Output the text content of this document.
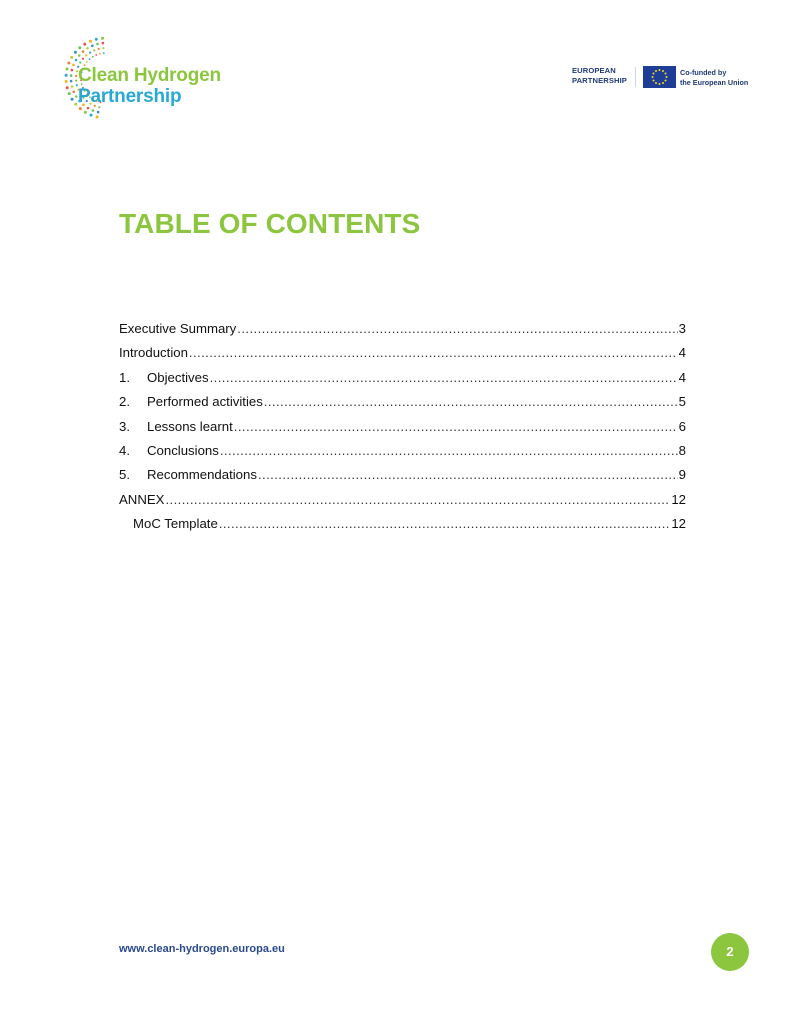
Clean Hydrogen
Partnership
EUROPEAN
PARTNERSHIP
Co-funded by
the European Union
TABLE OF CONTENTS
Executive Summary .....	3
Introduction .....	4
1.	Objectives .....	4
2.	Performed activities .....	5
3.	Lessons learnt .....	6
4.	Conclusions .....	8
5.	Recommendations .....	9
ANNEX .....	12
MoC Template .....	12
www.clean-hydrogen.europa.eu	2
